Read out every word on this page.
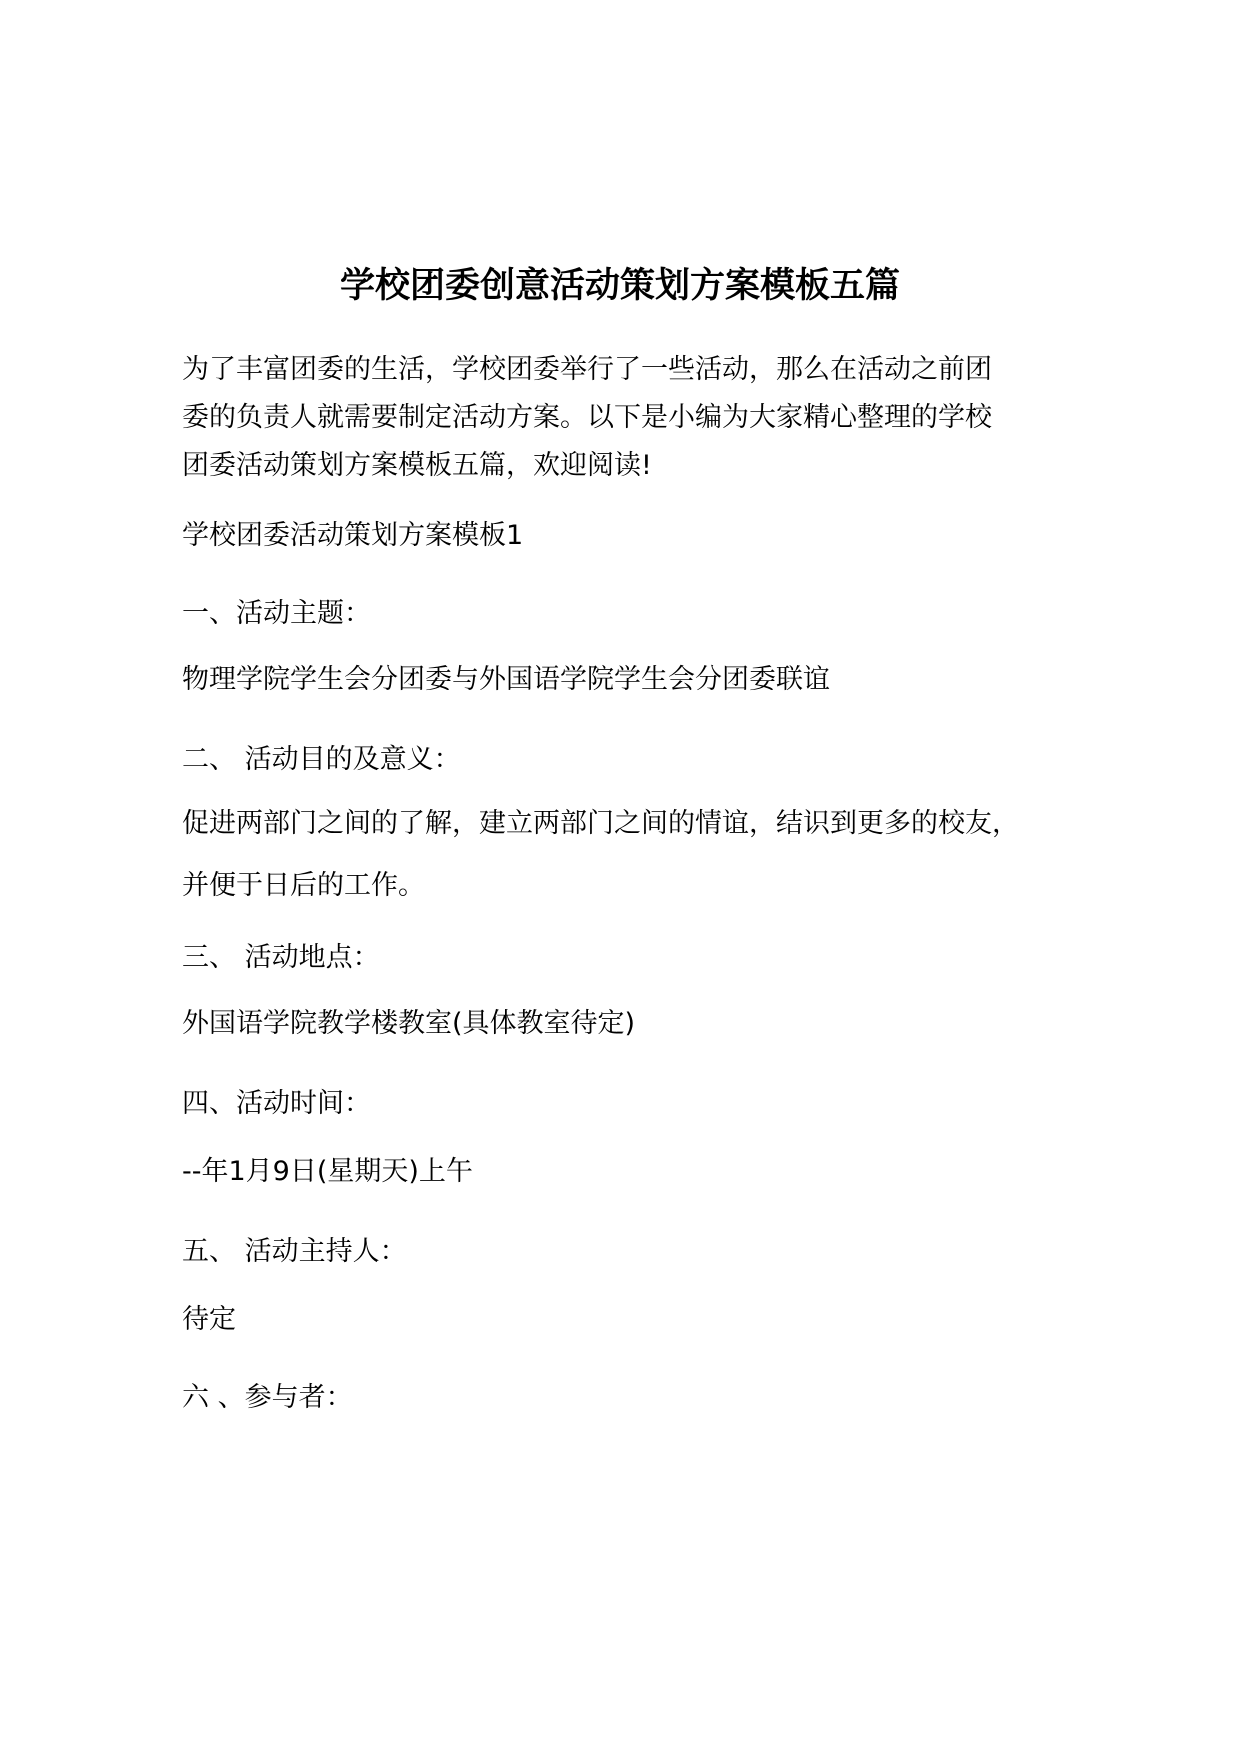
学校团委创意活动策划方案模板五篇
为了丰富团委的生活，学校团委举行了一些活动，那么在活动之前团
委的负责人就需要制定活动方案。以下是小编为大家精心整理的学校
团委活动策划方案模板五篇，欢迎阅读!
学校团委活动策划方案模板1
一、活动主题：
物理学院学生会分团委与外国语学院学生会分团委联谊
二、 活动目的及意义：
促进两部门之间的了解，建立两部门之间的情谊，结识到更多的校友，
并便于日后的工作。
三、 活动地点：
外国语学院教学楼教室(具体教室待定)
四、活动时间：
--年1月9日(星期天)上午
五、 活动主持人：
待定
六 、参与者：
